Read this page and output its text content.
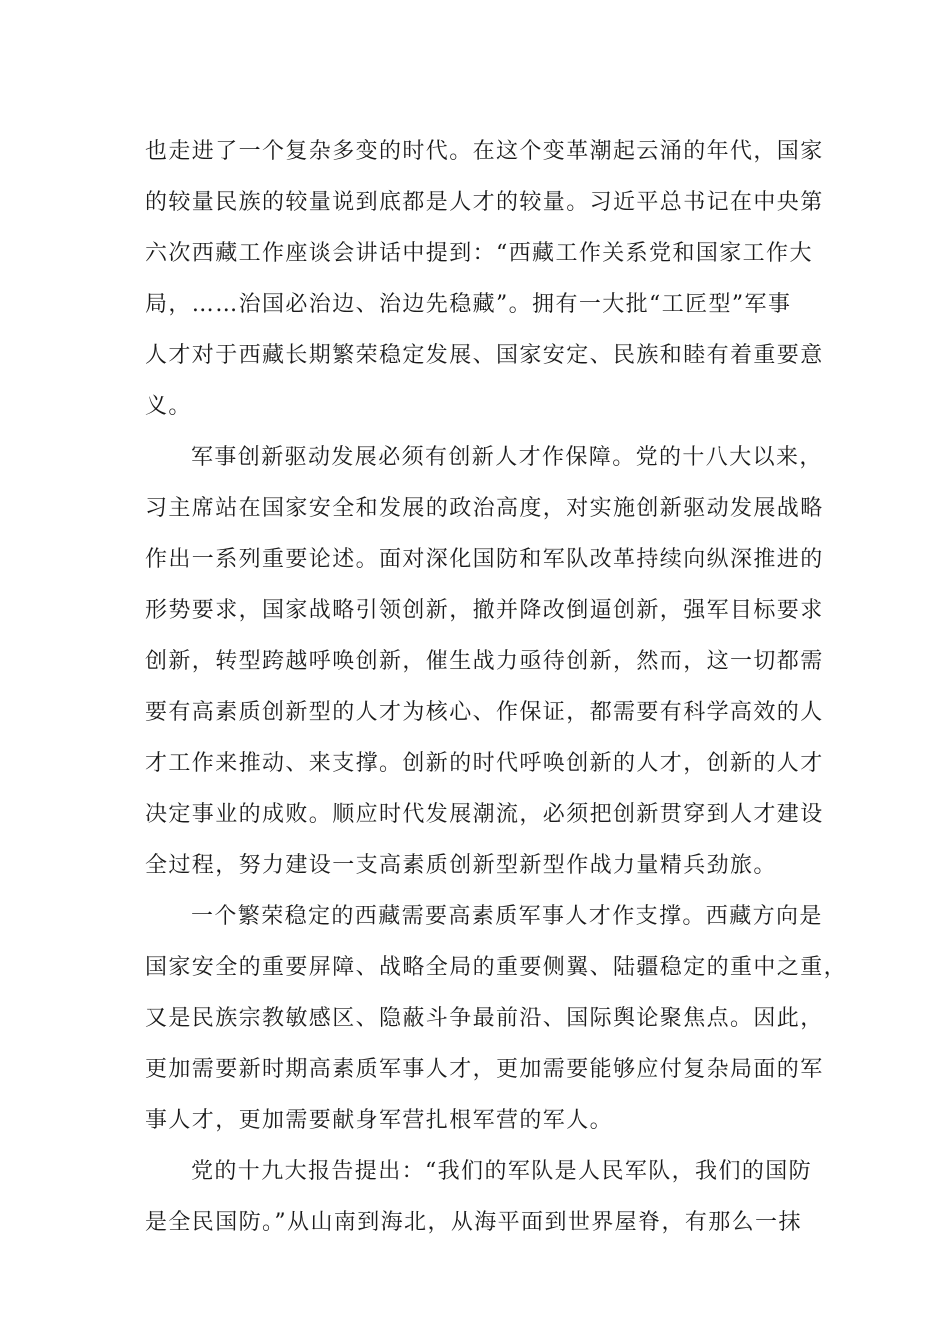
也走进了一个复杂多变的时代。在这个变革潮起云涌的年代，国家
的较量民族的较量说到底都是人才的较量。习近平总书记在中央第
六次西藏工作座谈会讲话中提到：“西藏工作关系党和国家工作大
局，……治国必治边、治边先稳藏”。拥有一大批“工匠型”军事
人才对于西藏长期繁荣稳定发展、国家安定、民族和睦有着重要意
义。
军事创新驱动发展必须有创新人才作保障。党的十八大以来，
习主席站在国家安全和发展的政治高度，对实施创新驱动发展战略
作出一系列重要论述。面对深化国防和军队改革持续向纵深推进的
形势要求，国家战略引领创新，撤并降改倒逼创新，强军目标要求
创新，转型跨越呼唤创新，催生战力亟待创新，然而，这一切都需
要有高素质创新型的人才为核心、作保证，都需要有科学高效的人
才工作来推动、来支撑。创新的时代呼唤创新的人才，创新的人才
决定事业的成败。顺应时代发展潮流，必须把创新贯穿到人才建设
全过程，努力建设一支高素质创新型新型作战力量精兵劲旅。
一个繁荣稳定的西藏需要高素质军事人才作支撑。西藏方向是
国家安全的重要屏障、战略全局的重要侧翼、陆疆稳定的重中之重，
又是民族宗教敏感区、隐蔽斗争最前沿、国际舆论聚焦点。因此，
更加需要新时期高素质军事人才，更加需要能够应付复杂局面的军
事人才，更加需要献身军营扎根军营的军人。
党的十九大报告提出：“我们的军队是人民军队，我们的国防
是全民国防。”从山南到海北，从海平面到世界屋脊，有那么一抹
